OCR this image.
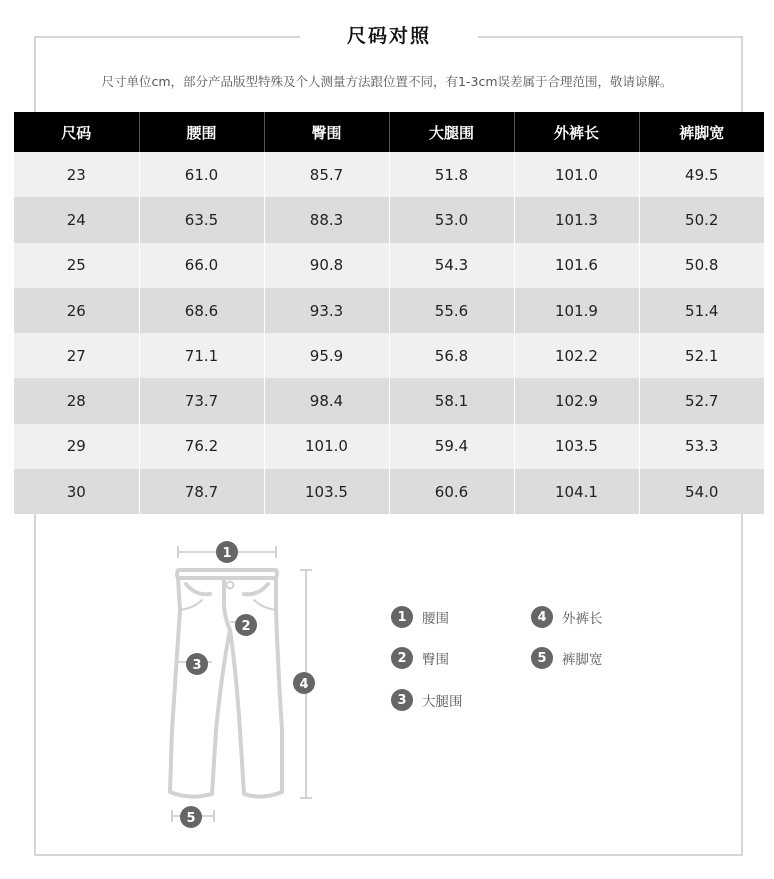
尺码对照
尺寸单位cm，部分产品版型特殊及个人测量方法跟位置不同，有1-3cm误差属于合理范围，敬请谅解。
尺码	腰围	臀围	大腿围	外裤长	裤脚宽
23	61.0	85.7	51.8	101.0	49.5
24	63.5	88.3	53.0	101.3	50.2
25	66.0	90.8	54.3	101.6	50.8
26	68.6	93.3	55.6	101.9	51.4
27	71.1	95.9	56.8	102.2	52.1
28	73.7	98.4	58.1	102.9	52.7
29	76.2	101.0	59.4	103.5	53.3
30	78.7	103.5	60.6	104.1	54.0
1
2
3
4
5
1	腰围
2	臀围
3	大腿围
4	外裤长
5	裤脚宽
